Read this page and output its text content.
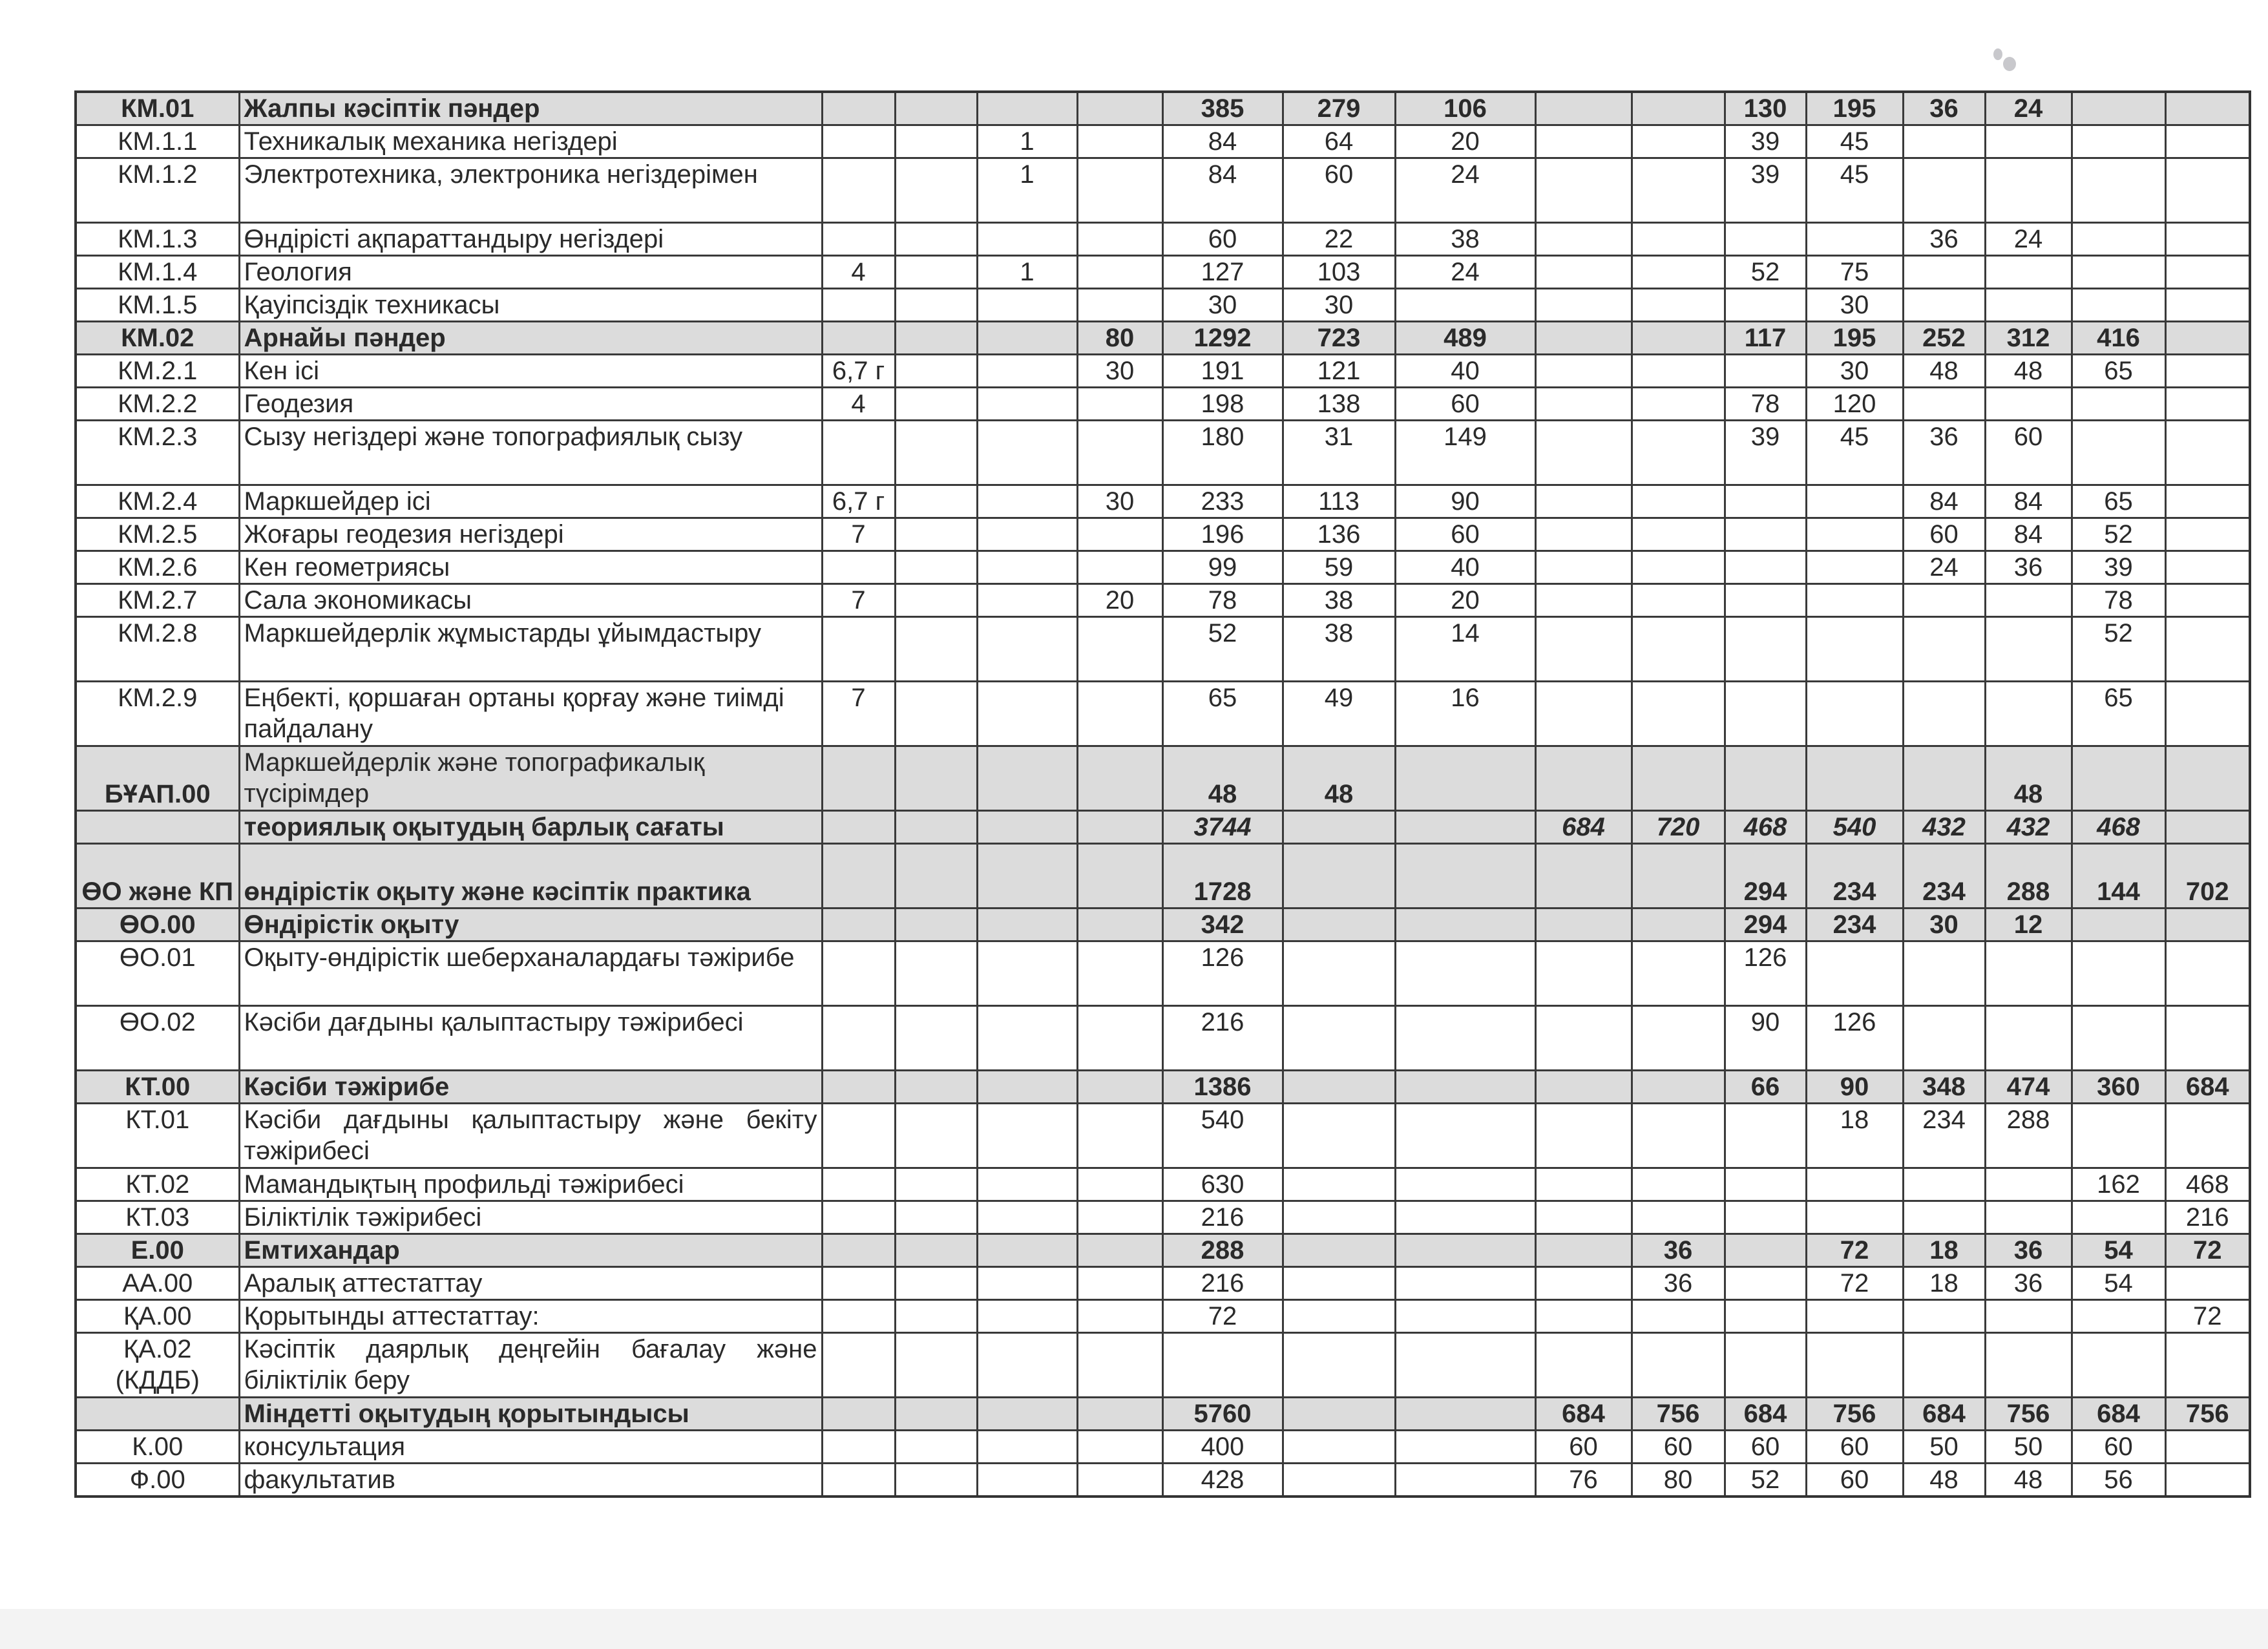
КМ.01	Жалпы кәсіптік пәндер					385	279	106			130	195	36	24		
КМ.1.1	Техникалық механика негіздері			1		84	64	20			39	45				
КМ.1.2	Электротехника, электроника негіздерімен			1		84	60	24			39	45				
КМ.1.3	Өндірісті ақпараттандыру негіздері					60	22	38					36	24		
КМ.1.4	Геология	4		1		127	103	24			52	75				
КМ.1.5	Қауіпсіздік техникасы					30	30					30				
КМ.02	Арнайы пәндер				80	1292	723	489			117	195	252	312	416	
КМ.2.1	Кен ісі	6,7 г			30	191	121	40				30	48	48	65	
КМ.2.2	Геодезия	4				198	138	60			78	120				
КМ.2.3	Сызу негіздері және топографиялық сызу					180	31	149			39	45	36	60		
КМ.2.4	Маркшейдер ісі	6,7 г			30	233	113	90					84	84	65	
КМ.2.5	Жоғары геодезия негіздері	7				196	136	60					60	84	52	
КМ.2.6	Кен геометриясы					99	59	40					24	36	39	
КМ.2.7	Сала экономикасы	7			20	78	38	20							78	
КМ.2.8	Маркшейдерлік жұмыстарды ұйымдастыру					52	38	14							52	
КМ.2.9	Еңбекті, қоршаған ортаны қорғау және тиімді пайдалану	7				65	49	16							65	
БҰАП.00	Маркшейдерлік және топографикалық түсірімдер					48	48							48		
	теориялық оқытудың барлық сағаты					3744			684	720	468	540	432	432	468	
ӨО және КП	өндірістік оқыту және кәсіптік практика					1728					294	234	234	288	144	702
ӨО.00	Өндірістік оқыту					342					294	234	30	12		
ӨО.01	Оқыту-өндірістік шеберханалардағы тәжірибе					126					126					
ӨО.02	Кәсіби дағдыны қалыптастыру тәжірибесі					216					90	126				
КТ.00	Кәсіби тәжірибе					1386					66	90	348	474	360	684
КТ.01	Кәсіби дағдыны қалыптастыру және бекіту тәжірибесі					540						18	234	288		
КТ.02	Мамандықтың профильді тәжірибесі					630									162	468
КТ.03	Біліктілік тәжірибесі					216										216
Е.00	Емтихандар					288				36		72	18	36	54	72
АА.00	Аралық аттестаттау					216				36		72	18	36	54	
ҚА.00	Қорытынды аттестаттау:					72										72
ҚА.02 (КДДБ)	Кәсіптік даярлық деңгейін бағалау және біліктілік беру															
	Міндетті оқытудың қорытындысы					5760			684	756	684	756	684	756	684	756
К.00	консультация					400			60	60	60	60	50	50	60	
Ф.00	факультатив					428			76	80	52	60	48	48	56	
